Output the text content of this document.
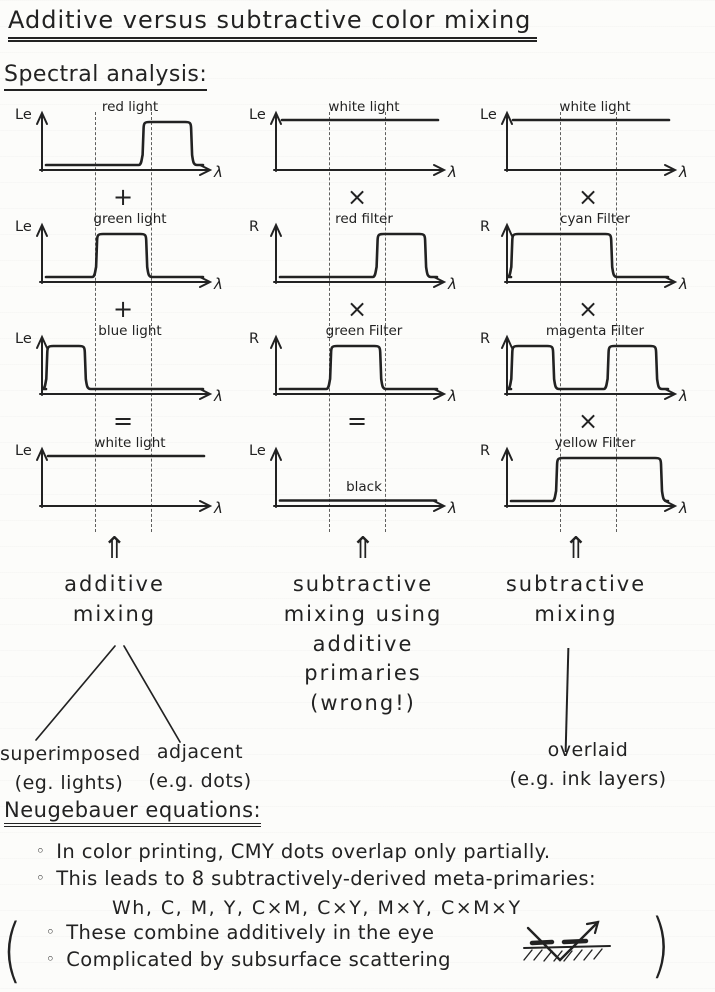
Additive versus subtractive color mixing
Spectral analysis:
Le
λ
red light
+
Le
λ
green light
+
Le
λ
blue light
=
Le
λ
white light
Le
λ
white light
×
R
λ
red filter
×
R
λ
green Filter
=
Le
λ
black
Le
λ
white light
×
R
λ
cyan Filter
×
R
λ
magenta Filter
×
R
λ
yellow Filter
⇑
additive
mixing
⇑
subtractive
mixing using
additive primaries
(wrong!)
⇑
subtractive
mixing
superimposed
(eg. lights)
adjacent
(e.g. dots)
overlaid
(e.g. ink layers)
Neugebauer equations:
◦ In color printing, CMY dots overlap only partially.
◦ This leads to 8 subtractively-derived meta-primaries:
Wh, C, M, Y, C×M, C×Y, M×Y, C×M×Y
◦ These combine additively in the eye
◦ Complicated by subsurface scattering
(	)
